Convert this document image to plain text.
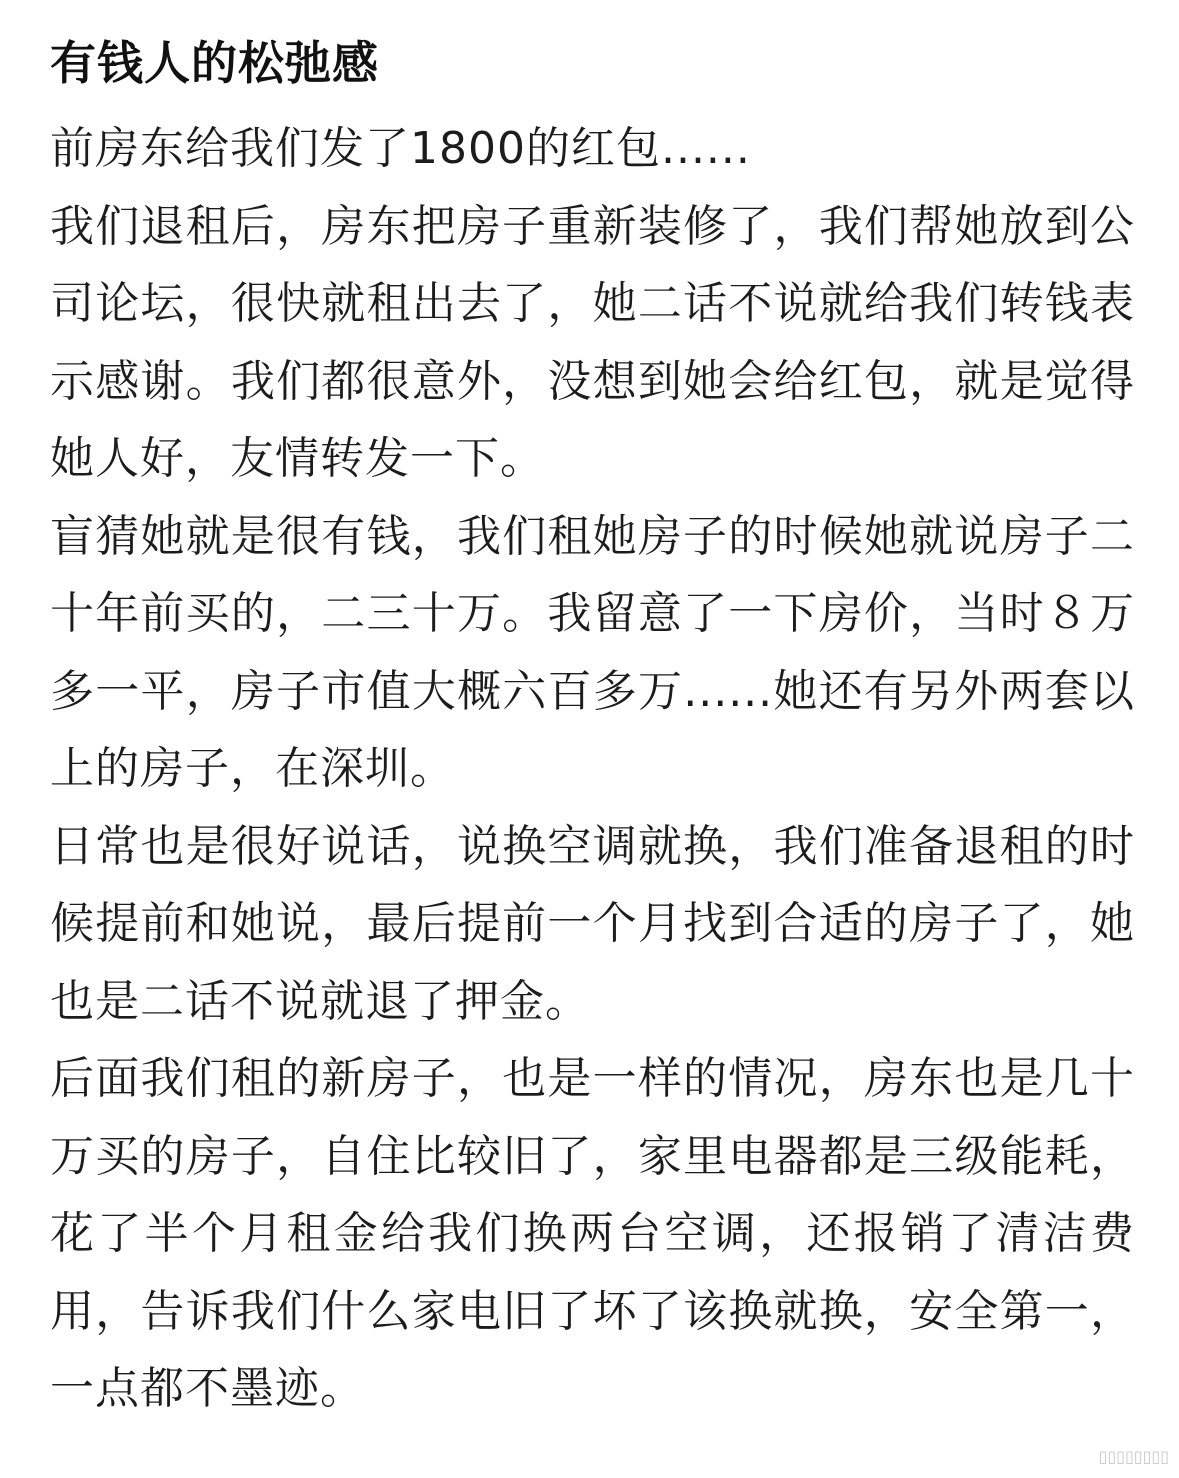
有钱人的松弛感

前房东给我们发了1800的红包......

我们退租后，房东把房子重新装修了，我们帮她放到公司论坛，很快就租出去了，她二话不说就给我们转钱表示感谢。我们都很意外，没想到她会给红包，就是觉得她人好，友情转发一下。

盲猜她就是很有钱，我们租她房子的时候她就说房子二十年前买的，二三十万。我留意了一下房价，当时８万多一平，房子市值大概六百多万......她还有另外两套以上的房子，在深圳。

日常也是很好说话，说换空调就换，我们准备退租的时候提前和她说，最后提前一个月找到合适的房子了，她也是二话不说就退了押金。

后面我们租的新房子，也是一样的情况，房东也是几十万买的房子，自住比较旧了，家里电器都是三级能耗，花了半个月租金给我们换两台空调，还报销了清洁费用，告诉我们什么家电旧了坏了该换就换，安全第一，一点都不墨迹。

▯▯▯▯▯▯▯▯
